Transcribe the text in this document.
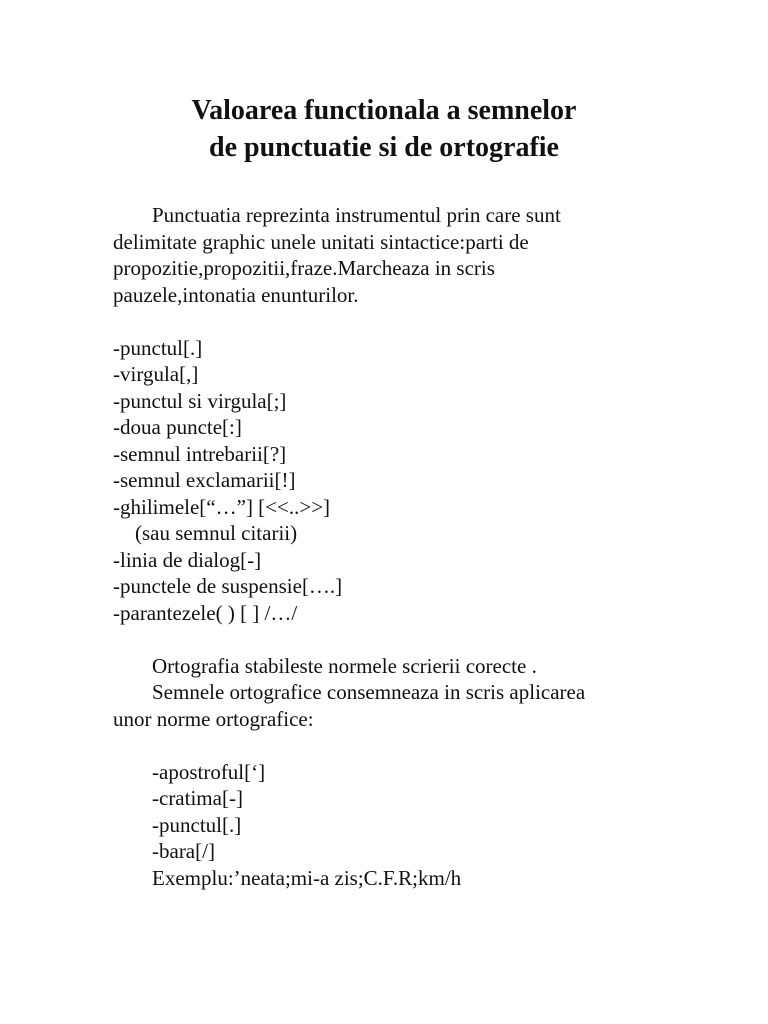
Valoarea functionala a semnelor
de punctuatie si de ortografie
Punctuatia reprezinta instrumentul prin care sunt
delimitate graphic unele unitati sintactice:parti de
propozitie,propozitii,fraze.Marcheaza in scris
pauzele,intonatia enunturilor.
-punctul[.]
-virgula[,]
-punctul si virgula[;]
-doua puncte[:]
-semnul intrebarii[?]
-semnul exclamarii[!]
-ghilimele[“…”] [<<..>>]
(sau semnul citarii)
-linia de dialog[-]
-punctele de suspensie[….]
-parantezele( ) [ ] /…/
Ortografia stabileste normele scrierii corecte .
Semnele ortografice consemneaza in scris aplicarea
unor norme ortografice:
-apostroful[‘]
-cratima[-]
-punctul[.]
-bara[/]
Exemplu:’neata;mi-a zis;C.F.R;km/h
